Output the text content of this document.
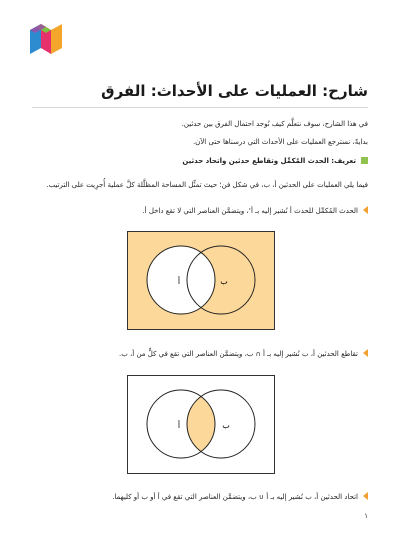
شارح: العمليات على الأحداث: الفرق

في هذا الشارح، سوف نتعلَّم كيف نُوجد احتمال الفرق بين حدثين.

بدايةً، نسترجع العمليات على الأحداث التي درسناها حتى الآن.

تعريف: الحدث المُكمِّل وتقاطع حدثين واتحاد حدثين

فيما يلي العمليات على الحدثين أ، ب، في شكل فن؛ حيث تمثِّل المساحة المظلَّلة كلَّ عملية أُجرِيت على الترتيب.

الحدث المُكمِّل للحدث أ نُشير إليه بـ أ‘، ويتضمَّن العناصر التي لا تقع داخل أ.

أ	ب

تقاطع الحدثين أ، ب نُشير إليه بـ أ ∩ ب، ويتضمَّن العناصر التي تقع في كلٍّ من أ، ب.

أ	ب

اتحاد الحدثين أ، ب نُشير إليه بـ أ ∪ ب، ويتضمَّن العناصر التي تقع في أ أو ب أو كليهما.

١
